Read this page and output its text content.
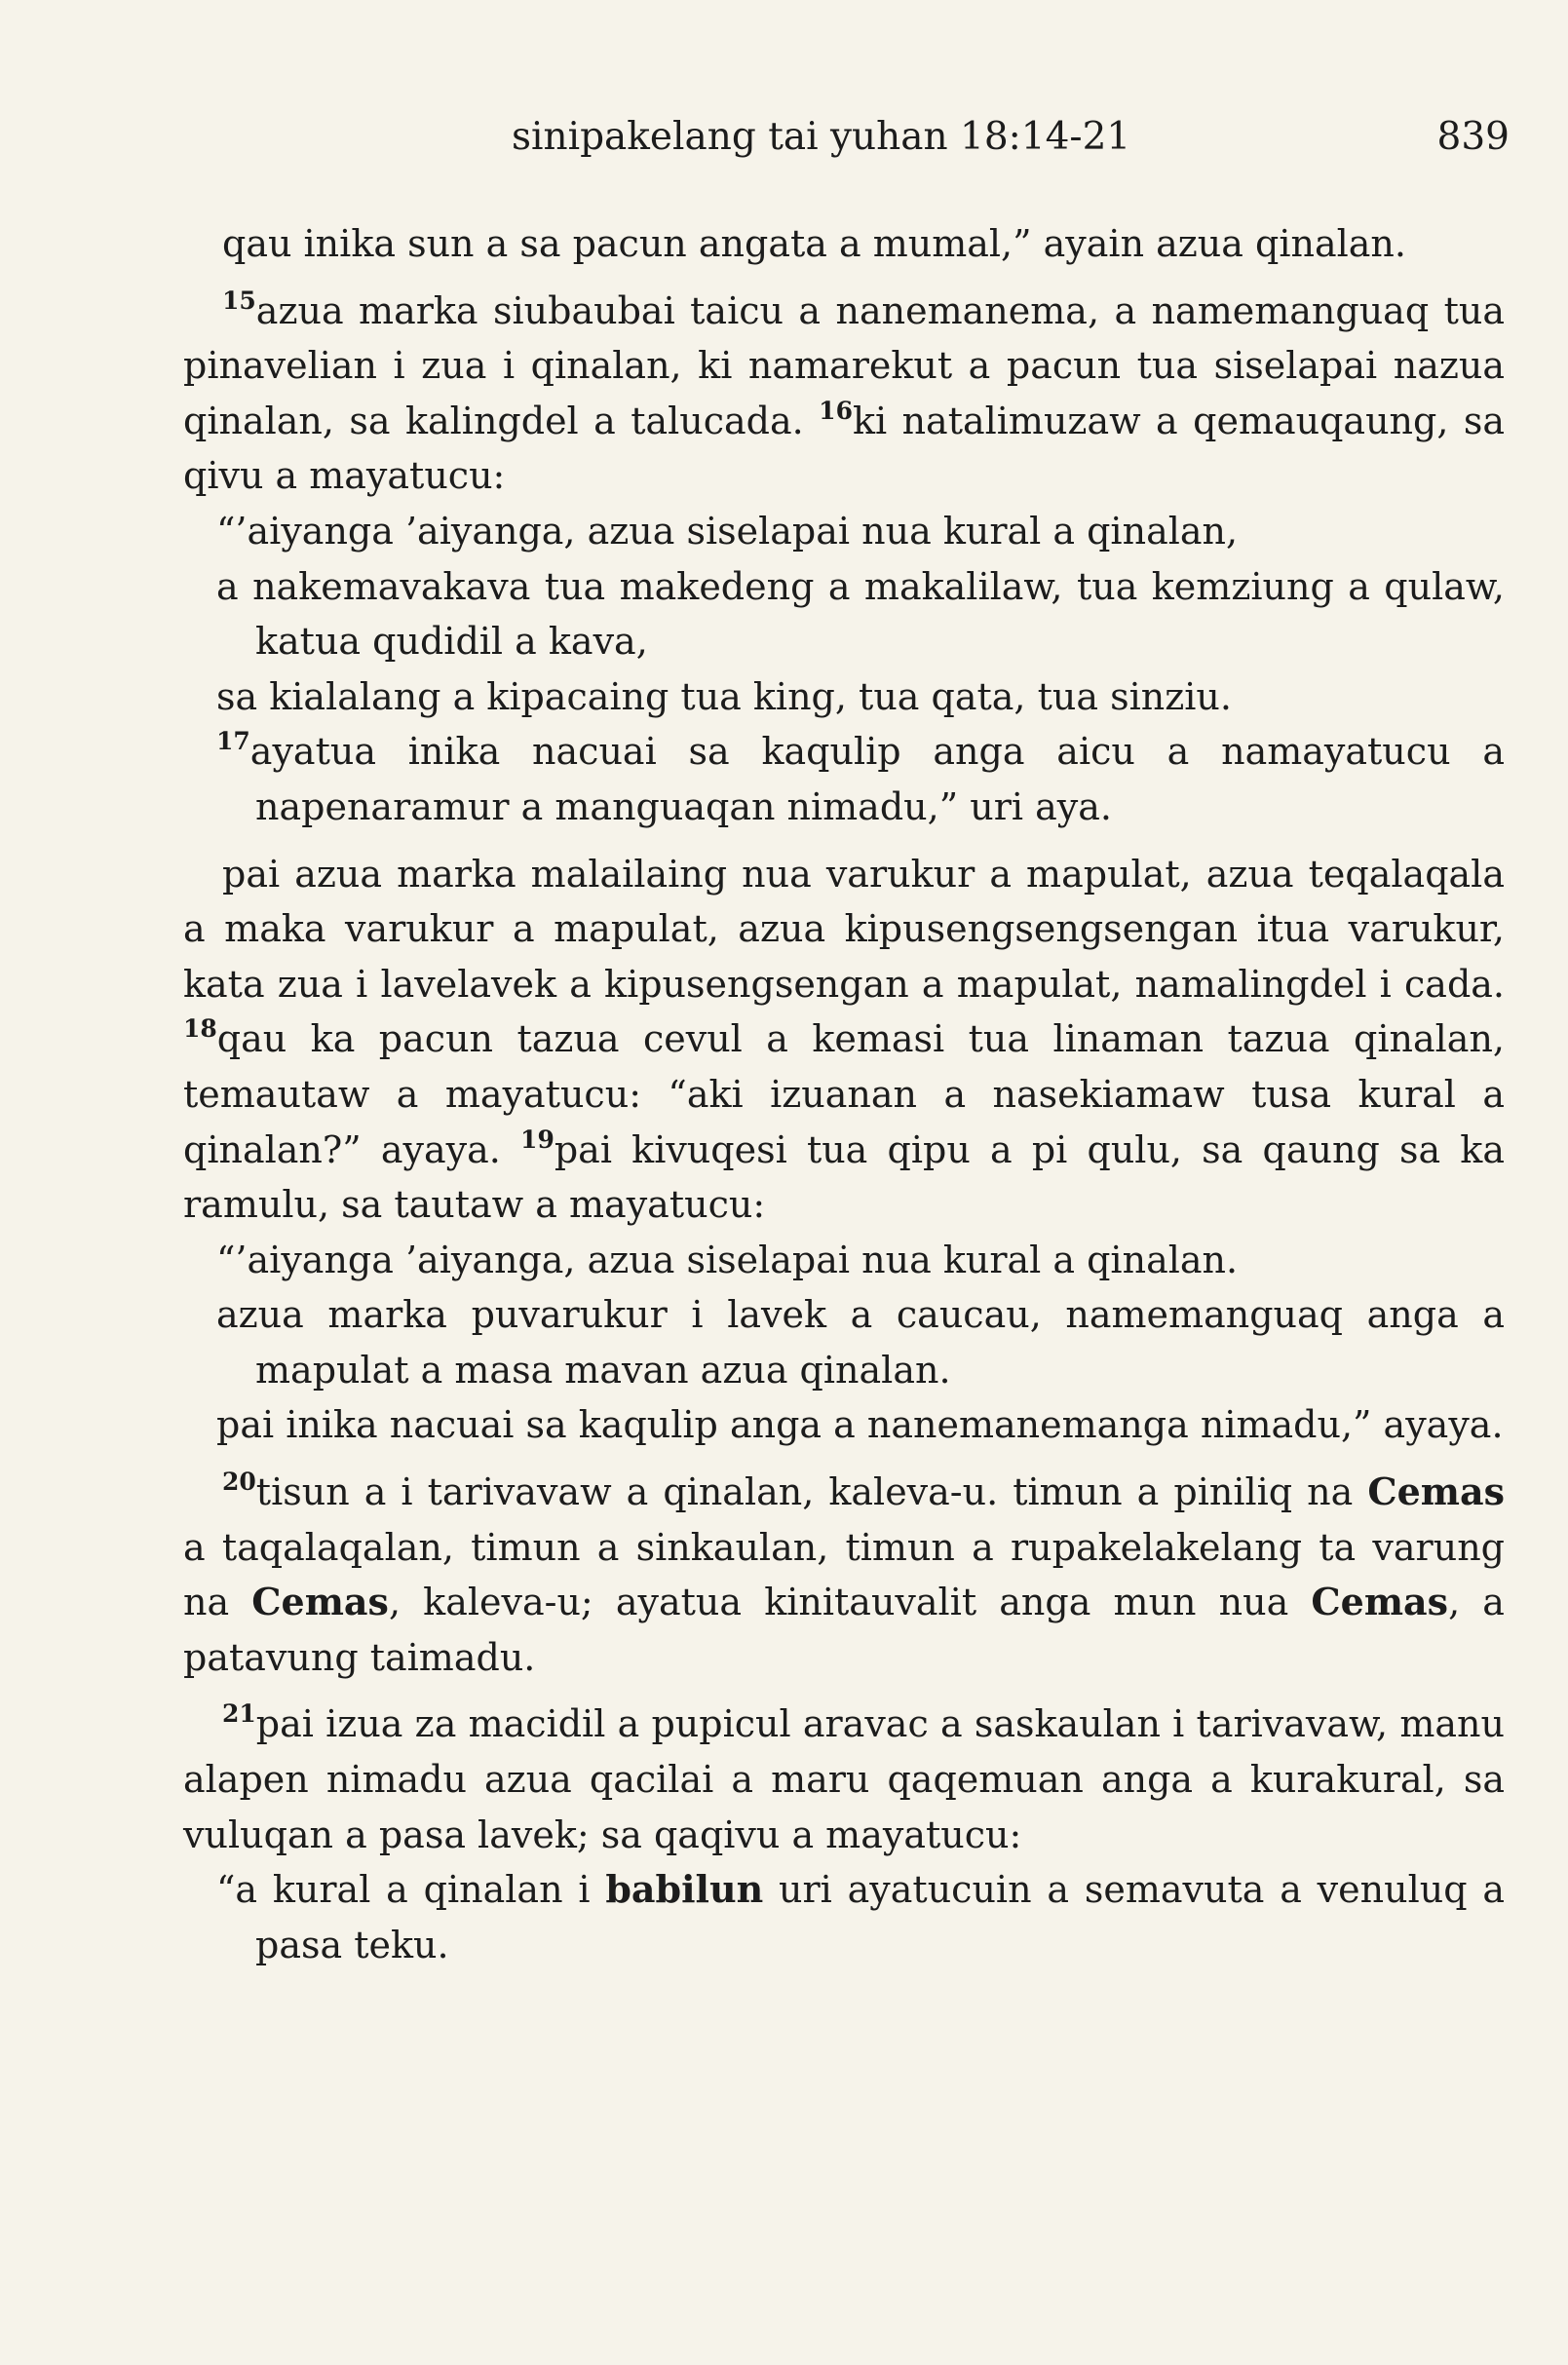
sinipakelang tai yuhan 18:14-21	839

qau inika sun a sa pacun angata a mumal,” ayain azua qinalan.

$^{15}$azua marka siubaubai taicu a nanemanema, a namemanguaq tua pinavelian i zua i qinalan, ki namarekut a pacun tua siselapai nazua qinalan, sa kalingdel a talucada. $^{16}$ki natalimuzaw a qemauqaung, sa qivu a mayatucu:

“’aiyanga ’aiyanga, azua siselapai nua kural a qinalan,

a nakemavakava tua makedeng a makalilaw, tua kemziung a qulaw, katua qudidil a kava,

sa kialalang a kipacaing tua king, tua qata, tua sinziu.

$^{17}$ayatua inika nacuai sa kaqulip anga aicu a namayatucu a napenaramur a manguaqan nimadu,” uri aya.

pai azua marka malailaing nua varukur a mapulat, azua teqalaqala a maka varukur a mapulat, azua kipusengsengsengan itua varukur, kata zua i lavelavek a kipusengsengan a mapulat, namalingdel i cada. $^{18}$qau ka pacun tazua cevul a kemasi tua linaman tazua qinalan, temautaw a mayatucu: “aki izuanan a nasekiamaw tusa kural a qinalan?” ayaya. $^{19}$pai kivuqesi tua qipu a pi qulu, sa qaung sa ka ramulu, sa tautaw a mayatucu:

“’aiyanga ’aiyanga, azua siselapai nua kural a qinalan.

azua marka puvarukur i lavek a caucau, namemanguaq anga a mapulat a masa mavan azua qinalan.

pai inika nacuai sa kaqulip anga a nanemanemanga nimadu,” ayaya.

$^{20}$tisun a i tarivavaw a qinalan, kaleva-u. timun a piniliq na Cemas a taqalaqalan, timun a sinkaulan, timun a rupakelakelang ta varung na Cemas, kaleva-u; ayatua kinitauvalit anga mun nua Cemas, a patavung taimadu.

$^{21}$pai izua za macidil a pupicul aravac a saskaulan i tarivavaw, manu alapen nimadu azua qacilai a maru qaqemuan anga a kurakural, sa vuluqan a pasa lavek; sa qaqivu a mayatucu:

“a kural a qinalan i babilun uri ayatucuin a semavuta a venuluq a pasa teku.
